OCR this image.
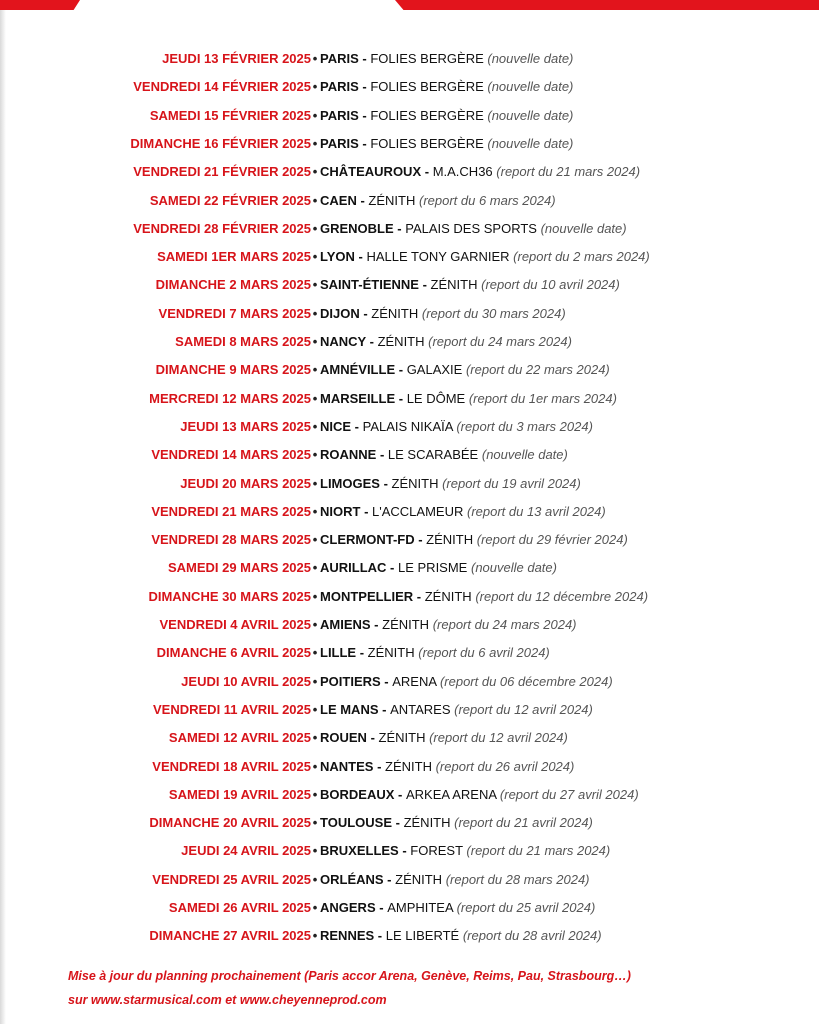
JEUDI 13 FÉVRIER 2025 • PARIS - FOLIES BERGÈRE (nouvelle date)
VENDREDI 14 FÉVRIER 2025 • PARIS - FOLIES BERGÈRE (nouvelle date)
SAMEDI 15 FÉVRIER 2025 • PARIS - FOLIES BERGÈRE (nouvelle date)
DIMANCHE 16 FÉVRIER 2025 • PARIS - FOLIES BERGÈRE (nouvelle date)
VENDREDI 21 FÉVRIER 2025 • CHÂTEAUROUX - M.A.CH36 (report du 21 mars 2024)
SAMEDI 22 FÉVRIER 2025 • CAEN - ZÉNITH (report du 6 mars 2024)
VENDREDI 28 FÉVRIER 2025 • GRENOBLE - PALAIS DES SPORTS (nouvelle date)
SAMEDI 1ER MARS 2025 • LYON - HALLE TONY GARNIER (report du 2 mars 2024)
DIMANCHE 2 MARS 2025 • SAINT-ÉTIENNE - ZÉNITH (report du 10 avril 2024)
VENDREDI 7 MARS 2025 • DIJON - ZÉNITH (report du 30 mars 2024)
SAMEDI 8 MARS 2025 • NANCY - ZÉNITH (report du 24 mars 2024)
DIMANCHE 9 MARS 2025 • AMNÉVILLE - GALAXIE (report du 22 mars 2024)
MERCREDI 12 MARS 2025 • MARSEILLE - LE DÔME (report du 1er mars 2024)
JEUDI 13 MARS 2025 • NICE - PALAIS NIKAÏA (report du 3 mars 2024)
VENDREDI 14 MARS 2025 • ROANNE - LE SCARABÉE (nouvelle date)
JEUDI 20 MARS 2025 • LIMOGES - ZÉNITH (report du 19 avril 2024)
VENDREDI 21 MARS 2025 • NIORT - L'ACCLAMEUR (report du 13 avril 2024)
VENDREDI 28 MARS 2025 • CLERMONT-FD - ZÉNITH (report du 29 février 2024)
SAMEDI 29 MARS 2025 • AURILLAC - LE PRISME (nouvelle date)
DIMANCHE 30 MARS 2025 • MONTPELLIER - ZÉNITH (report du 12 décembre 2024)
VENDREDI 4 AVRIL 2025 • AMIENS - ZÉNITH (report du 24 mars 2024)
DIMANCHE 6 AVRIL 2025 • LILLE - ZÉNITH (report du 6 avril 2024)
JEUDI 10 AVRIL 2025 • POITIERS - ARENA (report du 06 décembre 2024)
VENDREDI 11 AVRIL 2025 • LE MANS - ANTARES (report du 12 avril 2024)
SAMEDI 12 AVRIL 2025 • ROUEN - ZÉNITH (report du 12 avril 2024)
VENDREDI 18 AVRIL 2025 • NANTES - ZÉNITH (report du 26 avril 2024)
SAMEDI 19 AVRIL 2025 • BORDEAUX - ARKEA ARENA (report du 27 avril 2024)
DIMANCHE 20 AVRIL 2025 • TOULOUSE - ZÉNITH (report du 21 avril 2024)
JEUDI 24 AVRIL 2025 • BRUXELLES - FOREST (report du 21 mars 2024)
VENDREDI 25 AVRIL 2025 • ORLÉANS - ZÉNITH (report du 28 mars 2024)
SAMEDI 26 AVRIL 2025 • ANGERS - AMPHITEA (report du 25 avril 2024)
DIMANCHE 27 AVRIL 2025 • RENNES - LE LIBERTÉ (report du 28 avril 2024)
Mise à jour du planning prochainement (Paris accor Arena, Genève, Reims, Pau, Strasbourg…)
sur www.starmusical.com et www.cheyenneprod.com
